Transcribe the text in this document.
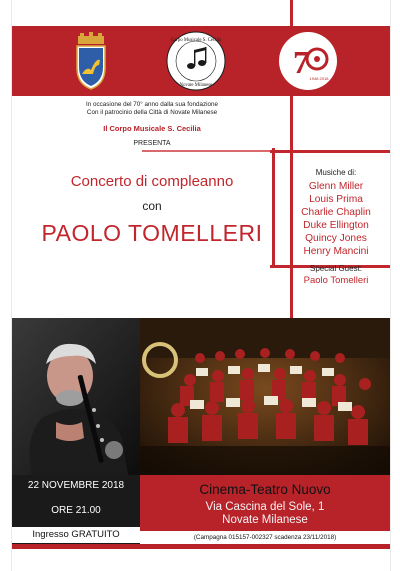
Corpo Musicale S. Cecilia
Novate Milanese
7 1948 2018
In occasione del 70° anno dalla sua fondazione
Con il patrocinio della Città di Novate Milanese
Il Corpo Musicale S. Cecilia
PRESENTA
Concerto di compleanno
con
PAOLO TOMELLERI
Musiche di:
Glenn Miller
Louis Prima
Charlie Chaplin
Duke Ellington
Quincy Jones
Henry Mancini
Special Guest:
Paolo Tomelleri
22 NOVEMBRE 2018
ORE 21.00
Cinema-Teatro Nuovo
Via Cascina del Sole, 1
Novate Milanese
Ingresso GRATUITO	(Campagna 015157-002327 scadenza 23/11/2018)
